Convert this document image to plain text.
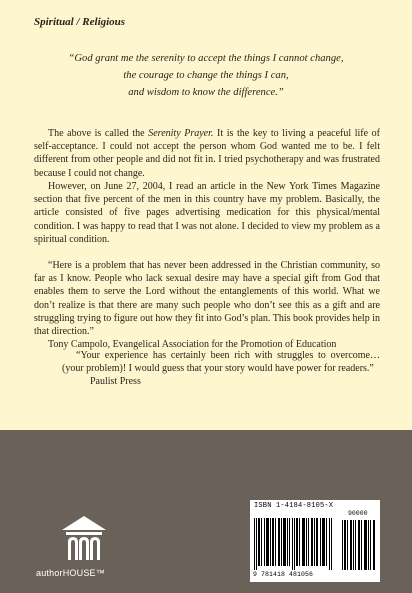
Spiritual / Religious
“God grant me the serenity to accept the things I cannot change,
the courage to change the things I can,
and wisdom to know the difference.”
The above is called the Serenity Prayer. It is the key to living a peaceful life of self-acceptance. I could not accept the person whom God wanted me to be. I felt different from other people and did not fit in. I tried psychotherapy and was frustrated because I could not change.
However, on June 27, 2004, I read an article in the New York Times Magazine section that five percent of the men in this country have my problem. Basically, the article consisted of five pages advertising medication for this physical/mental condition. I was happy to read that I was not alone. I decided to view my problem as a spiritual condition.
“Here is a problem that has never been addressed in the Christian community, so far as I know. People who lack sexual desire may have a special gift from God that enables them to serve the Lord without the entanglements of this world. What we don’t realize is that there are many such people who don’t see this as a gift and are struggling trying to figure out how they fit into God’s plan. This book provides help in that direction.”
Tony Campolo, Evangelical Association for the Promotion of Education
“Your experience has certainly been rich with struggles to overcome…(your problem)! I would guess that your story would have power for readers.”
Paulist Press
authorHOUSE™
ISBN 1-4184-8105-X
90000
9 781418 481056
